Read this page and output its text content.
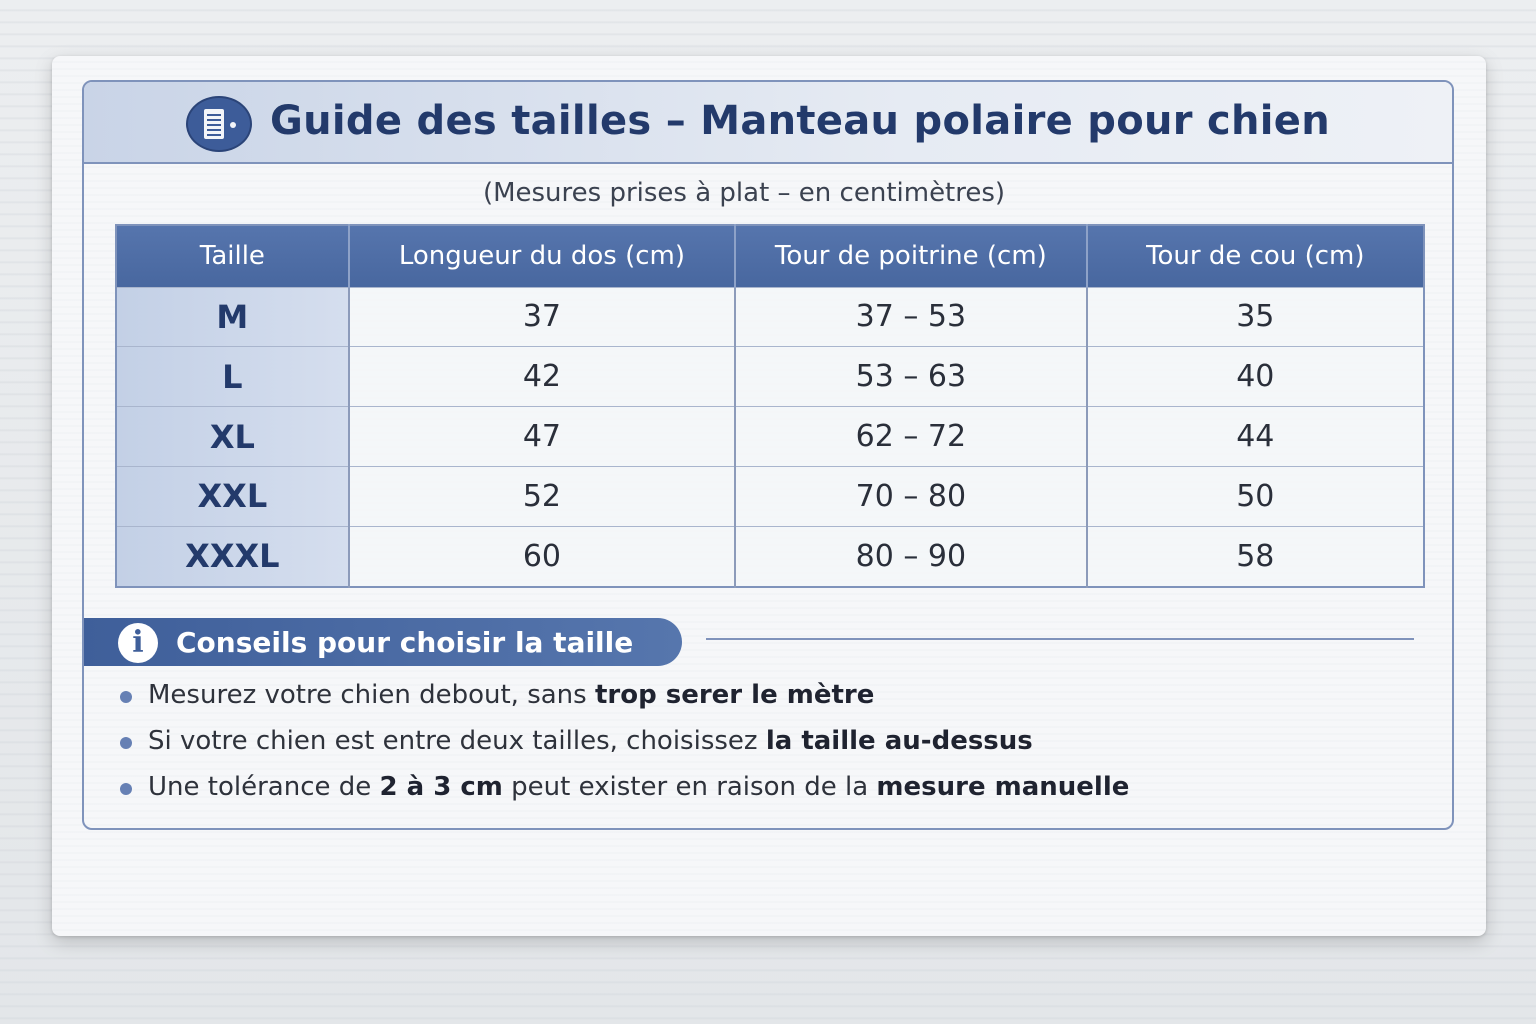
Guide des tailles – Manteau polaire pour chien
(Mesures prises à plat – en centimètres)
Taille	Longueur du dos (cm)	Tour de poitrine (cm)	Tour de cou (cm)
M	37	37 – 53	35
L	42	53 – 63	40
XL	47	62 – 72	44
XXL	52	70 – 80	50
XXXL	60	80 – 90	58
i	Conseils pour choisir la taille
Mesurez votre chien debout, sans trop serer le mètre
Si votre chien est entre deux tailles, choisissez la taille au-dessus
Une tolérance de 2 à 3 cm peut exister en raison de la mesure manuelle
